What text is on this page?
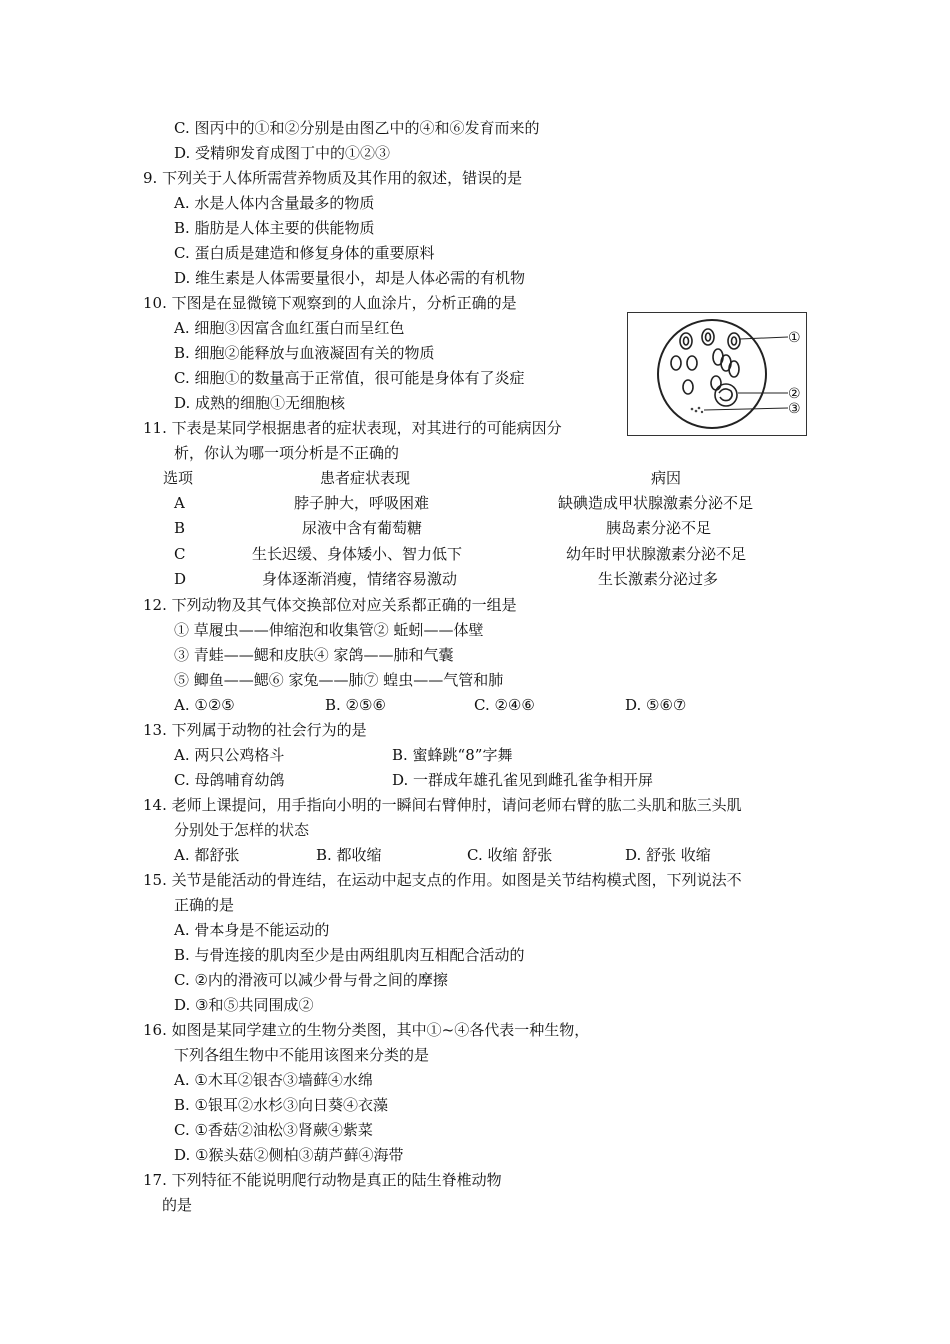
C. 图丙中的①和②分别是由图乙中的④和⑥发育而来的
D. 受精卵发育成图丁中的①②③
9. 下列关于人体所需营养物质及其作用的叙述，错误的是
A. 水是人体内含量最多的物质
B. 脂肪是人体主要的供能物质
C. 蛋白质是建造和修复身体的重要原料
D. 维生素是人体需要量很小，却是人体必需的有机物
10. 下图是在显微镜下观察到的人血涂片，分析正确的是
A. 细胞③因富含血红蛋白而呈红色
B. 细胞②能释放与血液凝固有关的物质
C. 细胞①的数量高于正常值，很可能是身体有了炎症
D. 成熟的细胞①无细胞核
①
②
③
11. 下表是某同学根据患者的症状表现，对其进行的可能病因分
析，你认为哪一项分析是不正确的
选项	患者症状表现	病因
A	脖子肿大，呼吸困难	缺碘造成甲状腺激素分泌不足
B	尿液中含有葡萄糖	胰岛素分泌不足
C	生长迟缓、身体矮小、智力低下	幼年时甲状腺激素分泌不足
D	身体逐渐消瘦，情绪容易激动	生长激素分泌过多
12. 下列动物及其气体交换部位对应关系都正确的一组是
① 草履虫——伸缩泡和收集管② 蚯蚓——体壁
③ 青蛙——鳃和皮肤④ 家鸽——肺和气囊
⑤ 鲫鱼——鳃⑥ 家兔——肺⑦ 蝗虫——气管和肺
A. ①②⑤	B. ②⑤⑥	C. ②④⑥	D. ⑤⑥⑦
13. 下列属于动物的社会行为的是
A. 两只公鸡格斗	B. 蜜蜂跳“8”字舞
C. 母鸽哺育幼鸽	D. 一群成年雄孔雀见到雌孔雀争相开屏
14. 老师上课提问，用手指向小明的一瞬间右臂伸肘，请问老师右臂的肱二头肌和肱三头肌
分别处于怎样的状态
A. 都舒张	B. 都收缩	C. 收缩 舒张	D. 舒张 收缩
15. 关节是能活动的骨连结，在运动中起支点的作用。如图是关节结构模式图，下列说法不
正确的是
A. 骨本身是不能运动的
B. 与骨连接的肌肉至少是由两组肌肉互相配合活动的
C. ②内的滑液可以减少骨与骨之间的摩擦
D. ③和⑤共同围成②
16. 如图是某同学建立的生物分类图，其中①~④各代表一种生物，
下列各组生物中不能用该图来分类的是
A. ①木耳②银杏③墙藓④水绵
B. ①银耳②水杉③向日葵④衣藻
C. ①香菇②油松③肾蕨④紫菜
D. ①猴头菇②侧柏③葫芦藓④海带
17. 下列特征不能说明爬行动物是真正的陆生脊椎动物
的是
